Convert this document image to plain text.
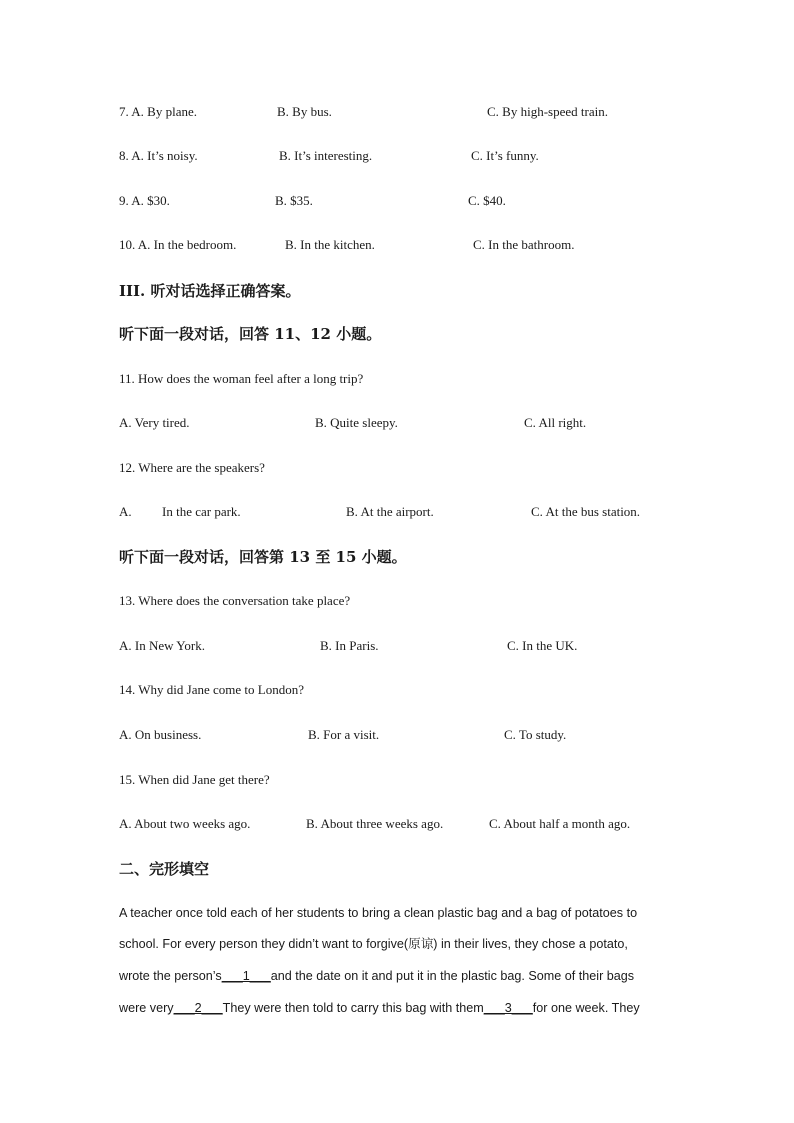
7. A. By plane.	B. By bus.	C. By high-speed train.
8. A. It’s noisy.	B. It’s interesting.	C. It’s funny.
9. A. $30.	B. $35.	C. $40.
10. A. In the bedroom.	B. In the kitchen.	C. In the bathroom.
III. 听对话选择正确答案。
听下面一段对话，回答 11、12 小题。
11. How does the woman feel after a long trip?
A. Very tired.	B. Quite sleepy.	C. All right.
12. Where are the speakers?
A. In the car park.	B. At the airport.	C. At the bus station.
听下面一段对话，回答第 13 至 15 小题。
13. Where does the conversation take place?
A. In New York.	B. In Paris.	C. In the UK.
14. Why did Jane come to London?
A. On business.	B. For a visit.	C. To study.
15. When did Jane get there?
A. About two weeks ago.	B. About three weeks ago.	C. About half a month ago.
二、完形填空
A teacher once told each of her students to bring a clean plastic bag and a bag of potatoes to
school. For every person they didn’t want to forgive(原谅) in their lives, they chose a potato,
wrote the person’s___1___and the date on it and put it in the plastic bag. Some of their bags
were very___2___They were then told to carry this bag with them___3___for one week. They
